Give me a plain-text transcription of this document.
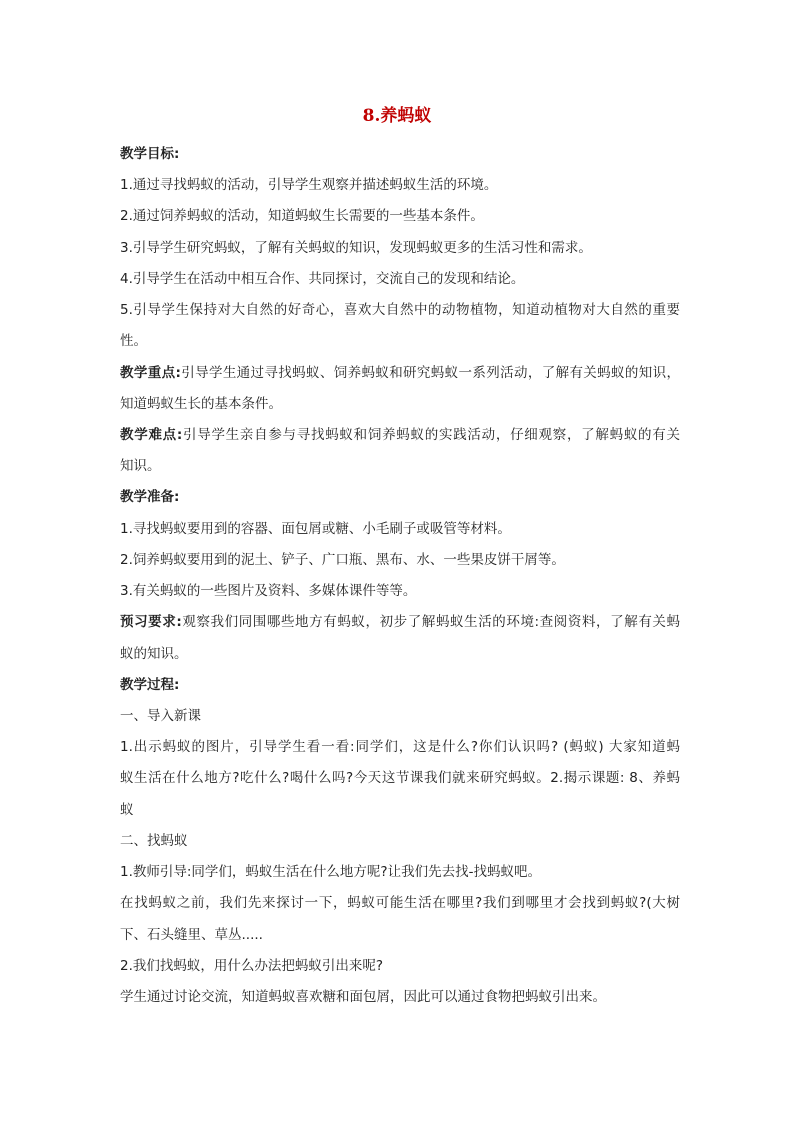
8.养蚂蚁
教学目标:
1.通过寻找蚂蚁的活动，引导学生观察并描述蚂蚁生活的环境。
2.通过饲养蚂蚁的活动，知道蚂蚁生长需要的一些基本条件。
3.引导学生研究蚂蚁，了解有关蚂蚁的知识，发现蚂蚁更多的生活习性和需求。
4.引导学生在活动中相互合作、共同探讨，交流自己的发现和结论。
5.引导学生保持对大自然的好奇心，喜欢大自然中的动物植物，知道动植物对大自然的重要
性。
教学重点:引导学生通过寻找蚂蚁、饲养蚂蚁和研究蚂蚁一系列活动，了解有关蚂蚁的知识，
知道蚂蚁生长的基本条件。
教学难点:引导学生亲自参与寻找蚂蚁和饲养蚂蚁的实践活动，仔细观察，了解蚂蚁的有关
知识。
教学准备:
1.寻找蚂蚁要用到的容器、面包屑或糖、小毛刷子或吸管等材料。
2.饲养蚂蚁要用到的泥土、铲子、广口瓶、黑布、水、一些果皮饼干屑等。
3.有关蚂蚁的一些图片及资料、多媒体课件等等。
预习要求:观察我们同围哪些地方有蚂蚁，初步了解蚂蚁生活的环境:查阅资料，了解有关蚂
蚁的知识。
教学过程:
一、导入新课
1.出示蚂蚁的图片，引导学生看一看:同学们，这是什么?你们认识吗? (蚂蚁) 大家知道蚂
蚁生活在什么地方?吃什么?喝什么吗?今天这节课我们就来研究蚂蚁。2.揭示课题: 8、养蚂
蚁
二、找蚂蚁
1.教师引导:同学们，蚂蚁生活在什么地方呢?让我们先去找-找蚂蚁吧。
在找蚂蚁之前，我们先来探讨一下，蚂蚁可能生活在哪里?我们到哪里才会找到蚂蚁?(大树
下、石头缝里、草丛.....
2.我们找蚂蚁，用什么办法把蚂蚁引出来呢?
学生通过讨论交流，知道蚂蚁喜欢糖和面包屑，因此可以通过食物把蚂蚁引出来。
